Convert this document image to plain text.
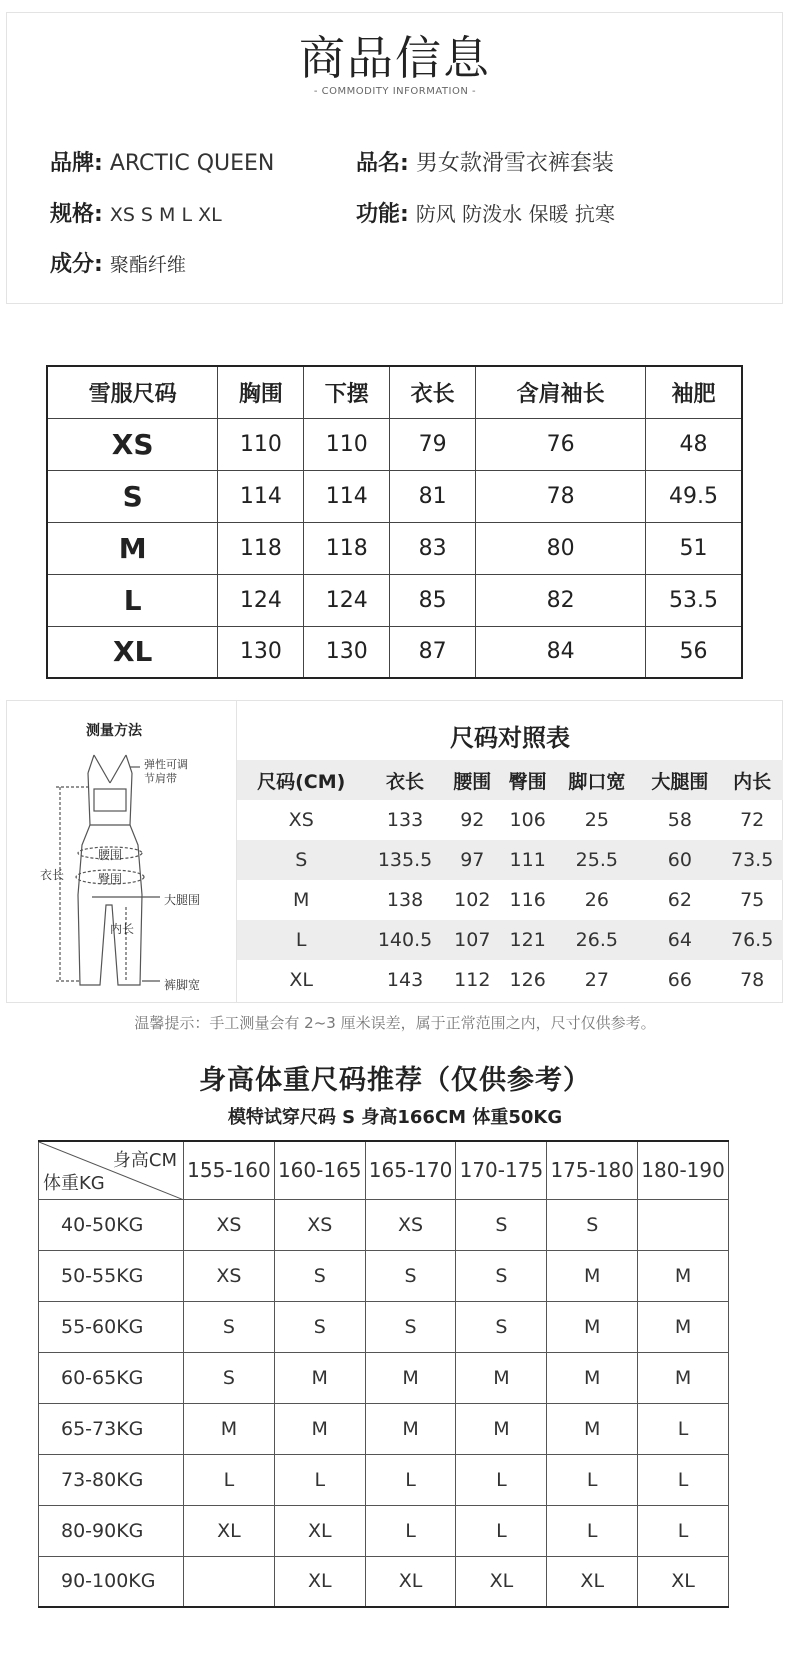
商品信息
- COMMODITY INFORMATION -
品牌: ARCTIC QUEEN	品名: 男女款滑雪衣裤套装
规格: XS S M L XL	功能: 防风 防泼水 保暖 抗寒
成分: 聚酯纤维
雪服尺码	胸围	下摆	衣长	含肩袖长	袖肥
XS	110	110	79	76	48
S	114	114	81	78	49.5
M	118	118	83	80	51
L	124	124	85	82	53.5
XL	130	130	87	84	56
测量方法
弹性可调
节肩带
衣长
腰围
臀围
大腿围
内长
裤脚宽
尺码对照表
尺码(CM)	衣长	腰围	臀围	脚口宽	大腿围	内长
XS	133	92	106	25	58	72
S	135.5	97	111	25.5	60	73.5
M	138	102	116	26	62	75
L	140.5	107	121	26.5	64	76.5
XL	143	112	126	27	66	78
温馨提示：手工测量会有 2~3 厘米误差，属于正常范围之内，尺寸仅供参考。
身高体重尺码推荐（仅供参考）
模特试穿尺码 S 身高166CM 体重50KG
身高CM
体重KG	155-160	160-165	165-170	170-175	175-180	180-190
40-50KG	XS	XS	XS	S	S	
50-55KG	XS	S	S	S	M	M
55-60KG	S	S	S	S	M	M
60-65KG	S	M	M	M	M	M
65-73KG	M	M	M	M	M	L
73-80KG	L	L	L	L	L	L
80-90KG	XL	XL	L	L	L	L
90-100KG		XL	XL	XL	XL	XL
